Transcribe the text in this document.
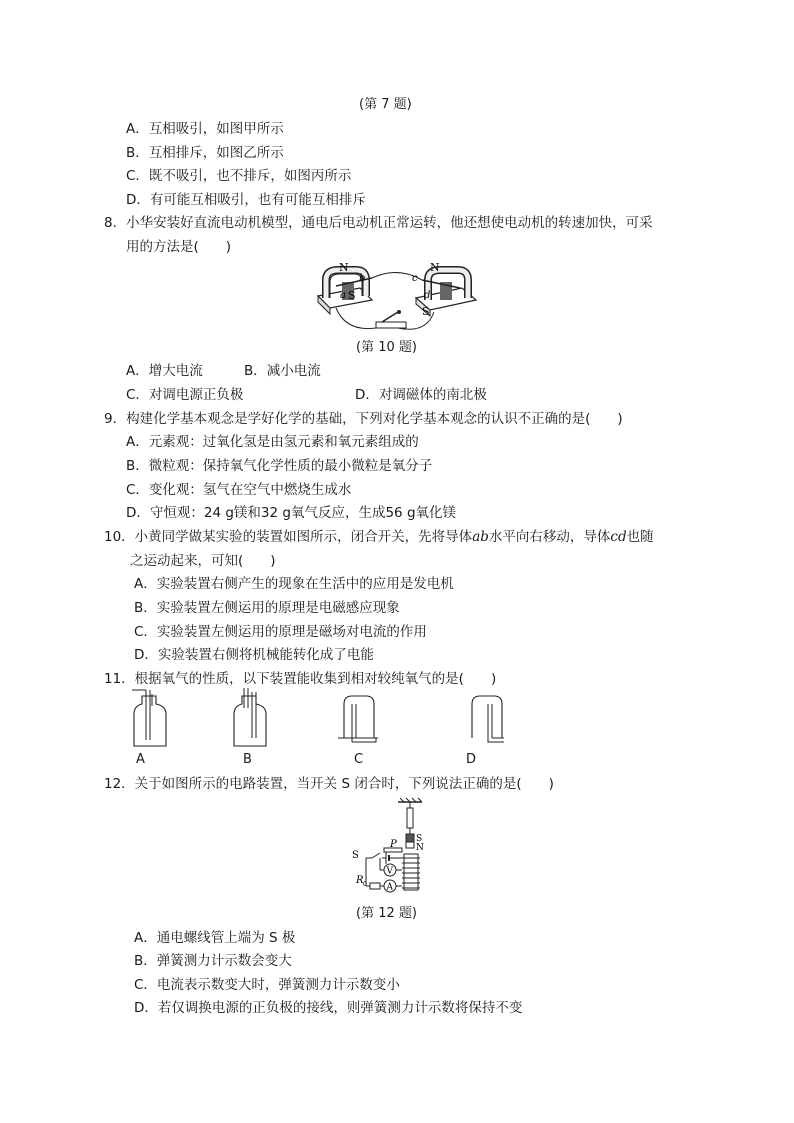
(第 7 题)
A．互相吸引，如图甲所示
B．互相排斥，如图乙所示
C．既不吸引，也不排斥，如图丙所示
D．有可能互相吸引，也有可能互相排斥
8．小华安装好直流电动机模型，通电后电动机正常运转，他还想使电动机的转速加快，可采
用的方法是(　　)
N
b
a S
c
N
d
S
(第 10 题)
A．增大电流	B．减小电流
C．对调电源正负极	D．对调磁体的南北极
9．构建化学基本观念是学好化学的基础，下列对化学基本观念的认识不正确的是(　　)
A．元素观：过氧化氢是由氢元素和氧元素组成的
B．微粒观：保持氧气化学性质的最小微粒是氧分子
C．变化观：氢气在空气中燃烧生成水
D．守恒观：24 g镁和32 g氧气反应，生成56 g氧化镁
10．小黄同学做某实验的装置如图所示，闭合开关，先将导体ab水平向右移动，导体cd也随
之运动起来，可知(　　)
A．实验装置右侧产生的现象在生活中的应用是发电机
B．实验装置左侧运用的原理是电磁感应现象
C．实验装置左侧运用的原理是磁场对电流的作用
D．实验装置右侧将机械能转化成了电能
11．根据氧气的性质，以下装置能收集到相对较纯氧气的是(　　)
A	B	C	D
12．关于如图所示的电路装置，当开关 S 闭合时，下列说法正确的是(　　)
S
N
S
P
V
A
R 0
(第 12 题)
A．通电螺线管上端为 S 极
B．弹簧测力计示数会变大
C．电流表示数变大时，弹簧测力计示数变小
D．若仅调换电源的正负极的接线，则弹簧测力计示数将保持不变
